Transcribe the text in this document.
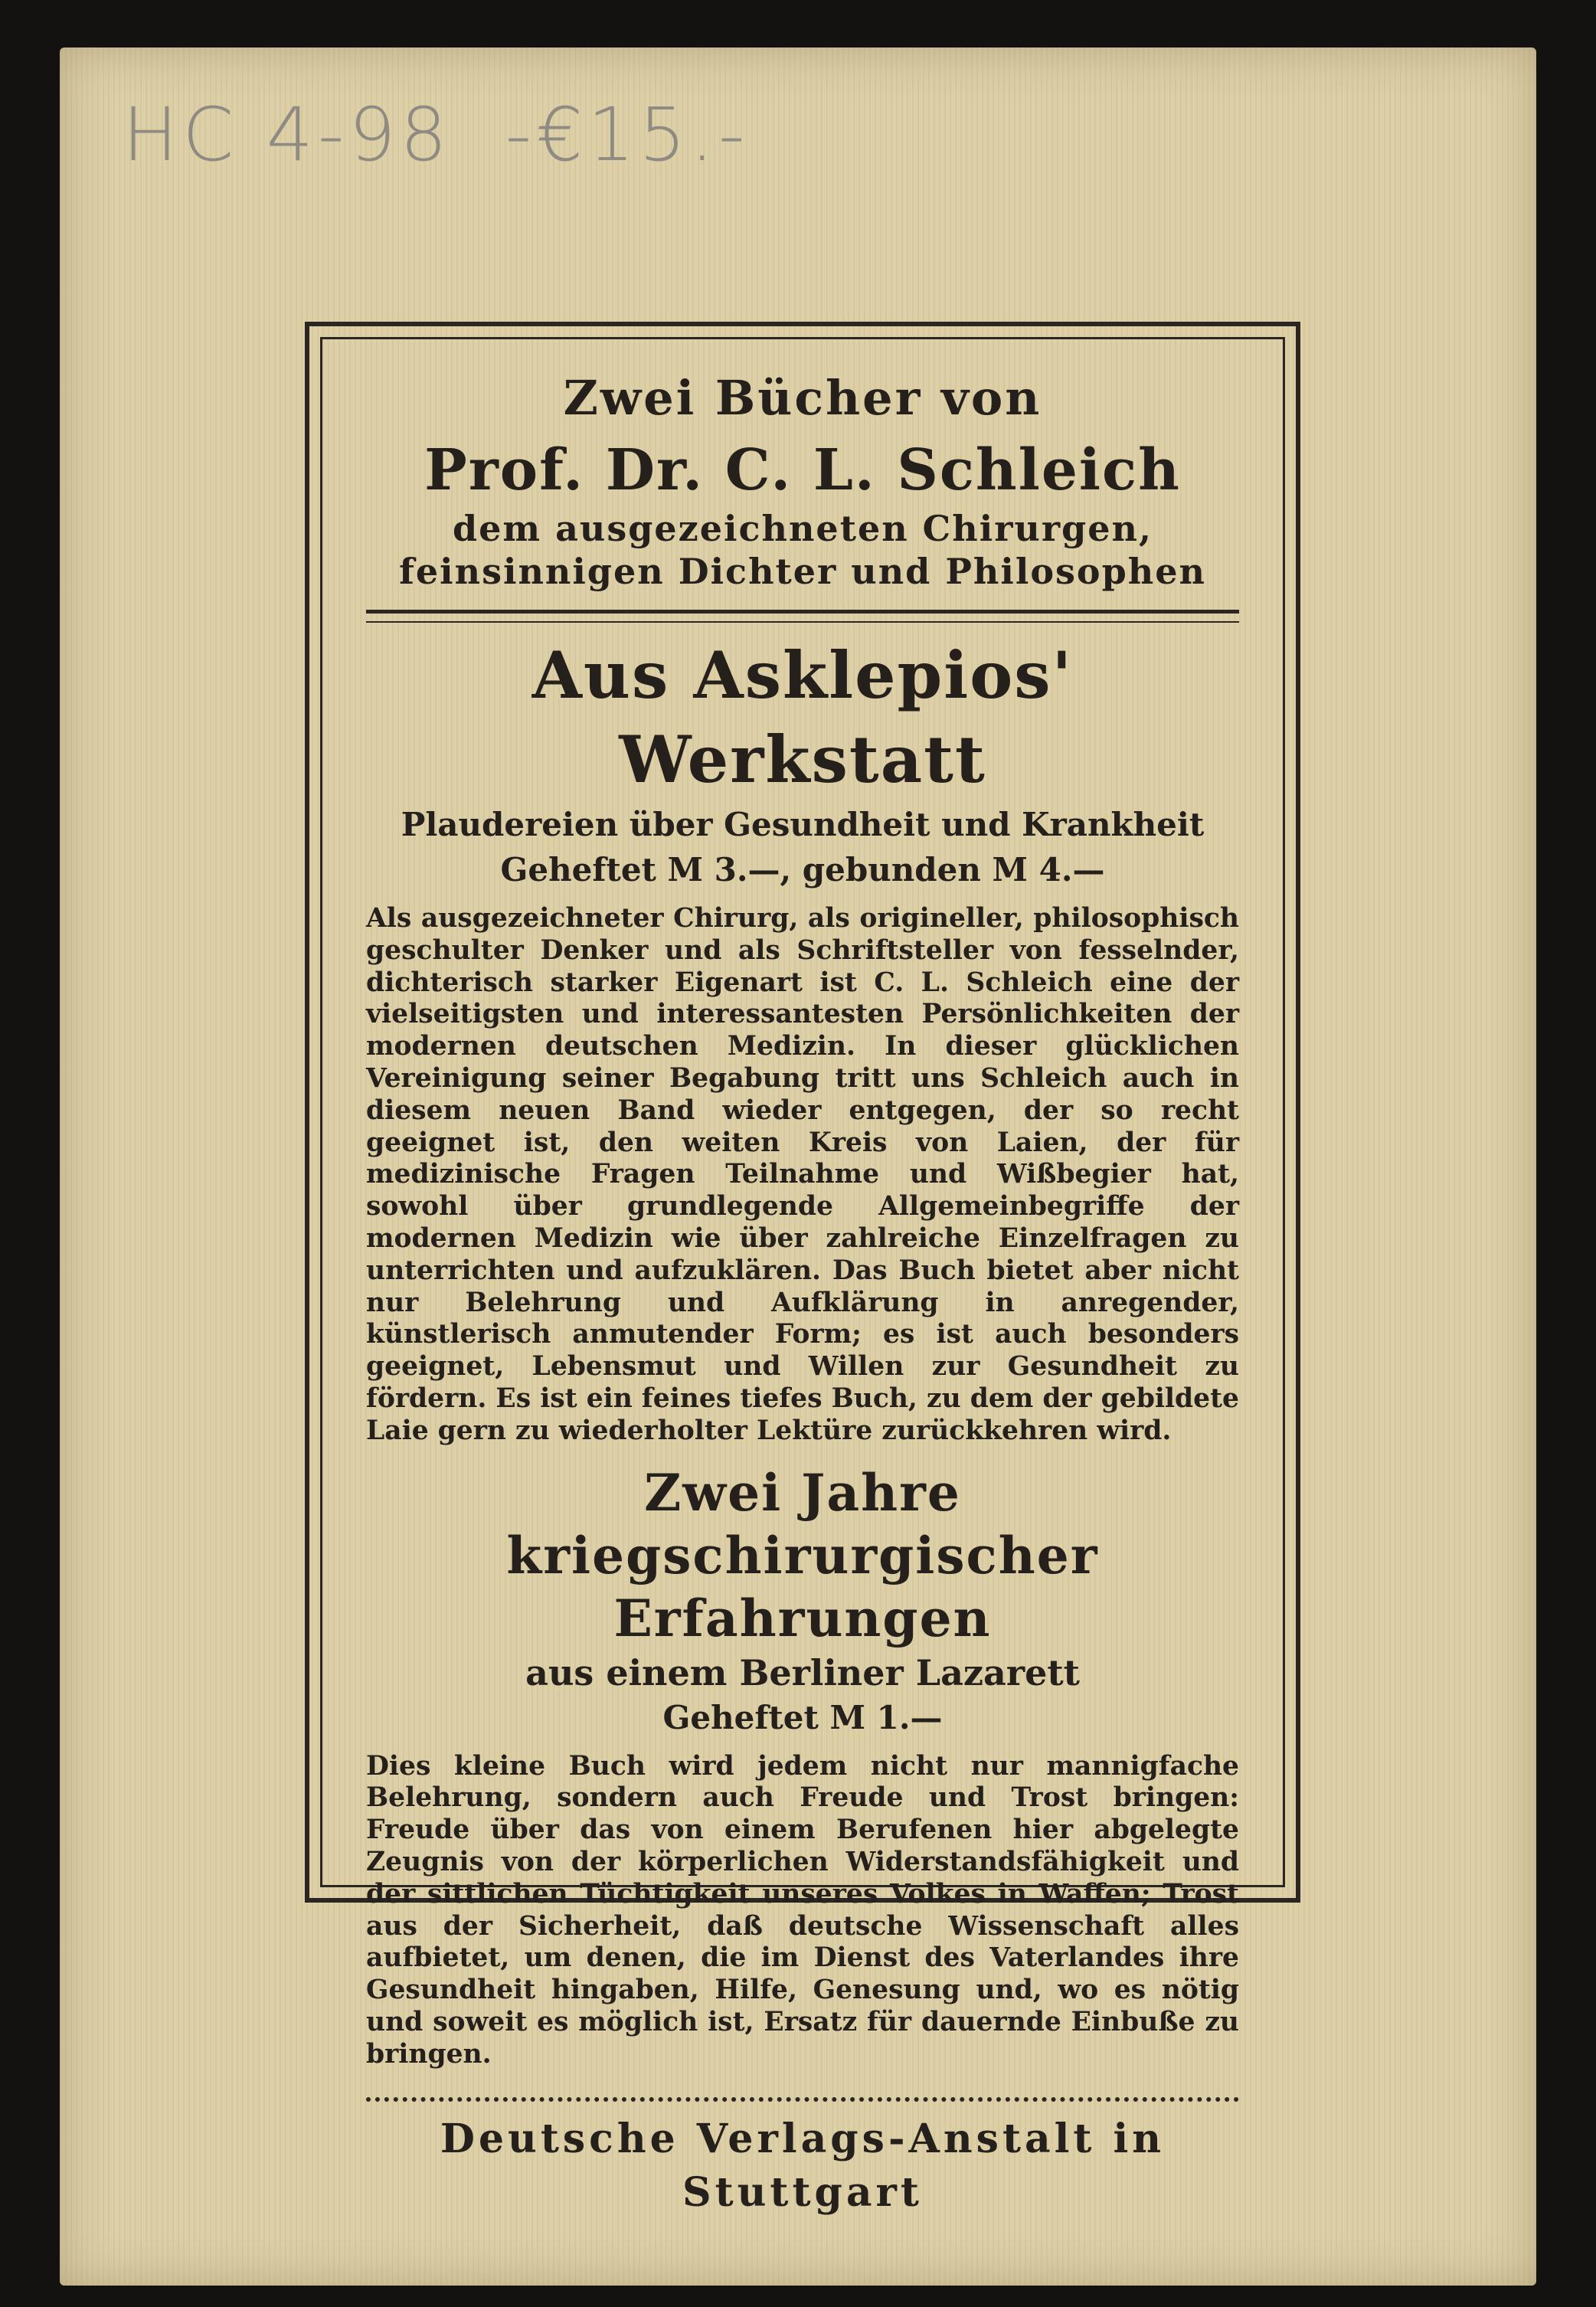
HC 4-98 -€15.-

Zwei Bücher von

Prof. Dr. C. L. Schleich

dem ausgezeichneten Chirurgen,

feinsinnigen Dichter und Philosophen

Aus Asklepios' Werkstatt

Plaudereien über Gesundheit und Krankheit

Geheftet M 3.—, gebunden M 4.—

Als ausgezeichneter Chirurg, als origineller, philosophisch geschulter Denker und als Schriftsteller von fesselnder, dichterisch starker Eigenart ist C. L. Schleich eine der vielseitigsten und interessantesten Persönlichkeiten der modernen deutschen Medizin. In dieser glücklichen Vereinigung seiner Begabung tritt uns Schleich auch in diesem neuen Band wieder entgegen, der so recht geeignet ist, den weiten Kreis von Laien, der für medizinische Fragen Teilnahme und Wißbegier hat, sowohl über grundlegende Allgemeinbegriffe der modernen Medizin wie über zahlreiche Einzelfragen zu unterrichten und aufzuklären. Das Buch bietet aber nicht nur Belehrung und Aufklärung in anregender, künstlerisch anmutender Form; es ist auch besonders geeignet, Lebensmut und Willen zur Gesundheit zu fördern. Es ist ein feines tiefes Buch, zu dem der gebildete Laie gern zu wiederholter Lektüre zurückkehren wird.

Zwei Jahre

kriegschirurgischer Erfahrungen

aus einem Berliner Lazarett

Geheftet M 1.—

Dies kleine Buch wird jedem nicht nur mannigfache Belehrung, sondern auch Freude und Trost bringen: Freude über das von einem Berufenen hier abgelegte Zeugnis von der körperlichen Widerstandsfähigkeit und der sittlichen Tüchtigkeit unseres Volkes in Waffen; Trost aus der Sicherheit, daß deutsche Wissenschaft alles aufbietet, um denen, die im Dienst des Vaterlandes ihre Gesundheit hingaben, Hilfe, Genesung und, wo es nötig und soweit es möglich ist, Ersatz für dauernde Einbuße zu bringen.

Deutsche Verlags-Anstalt in Stuttgart
